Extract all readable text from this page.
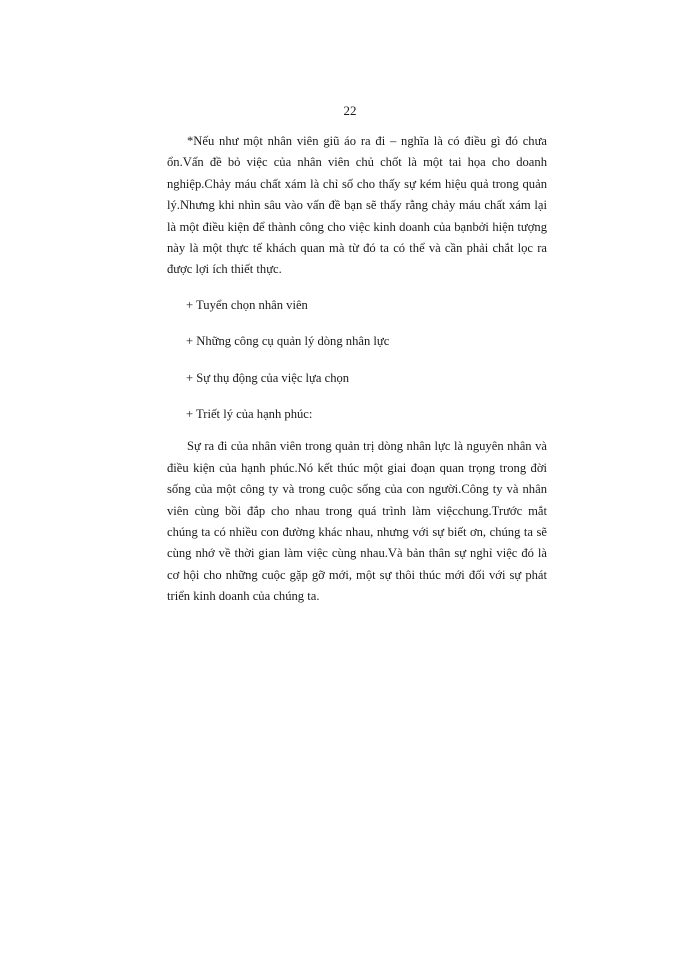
22

*Nếu như một nhân viên giũ áo ra đi – nghĩa là có điều gì đó chưa ổn.Vấn đề bỏ việc của nhân viên chủ chốt là một tai họa cho doanh nghiệp.Chảy máu chất xám là chỉ số cho thấy sự kém hiệu quả trong quản lý.Nhưng khi nhìn sâu vào vấn đề bạn sẽ thấy rằng chảy máu chất xám lại là một điều kiện để thành công cho việc kinh doanh của bạnbởi hiện tượng này là một thực tế khách quan mà từ đó ta có thể và cần phải chắt lọc ra được lợi ích thiết thực.

+ Tuyển chọn nhân viên
+ Những công cụ quản lý dòng nhân lực
+ Sự thụ động của việc lựa chọn
+ Triết lý của hạnh phúc:

Sự ra đi của nhân viên trong quản trị dòng nhân lực là nguyên nhân và điều kiện của hạnh phúc.Nó kết thúc một giai đoạn quan trọng trong đời sống của một công ty và trong cuộc sống của con người.Công ty và nhân viên cùng bồi đắp cho nhau trong quá trình làm việcchung.Trước mắt chúng ta có nhiều con đường khác nhau, nhưng với sự biết ơn, chúng ta sẽ cùng nhớ về thời gian làm việc cùng nhau.Và bản thân sự nghỉ việc đó là cơ hội cho những cuộc gặp gỡ mới, một sự thôi thúc mới đối với sự phát triển kinh doanh của chúng ta.
